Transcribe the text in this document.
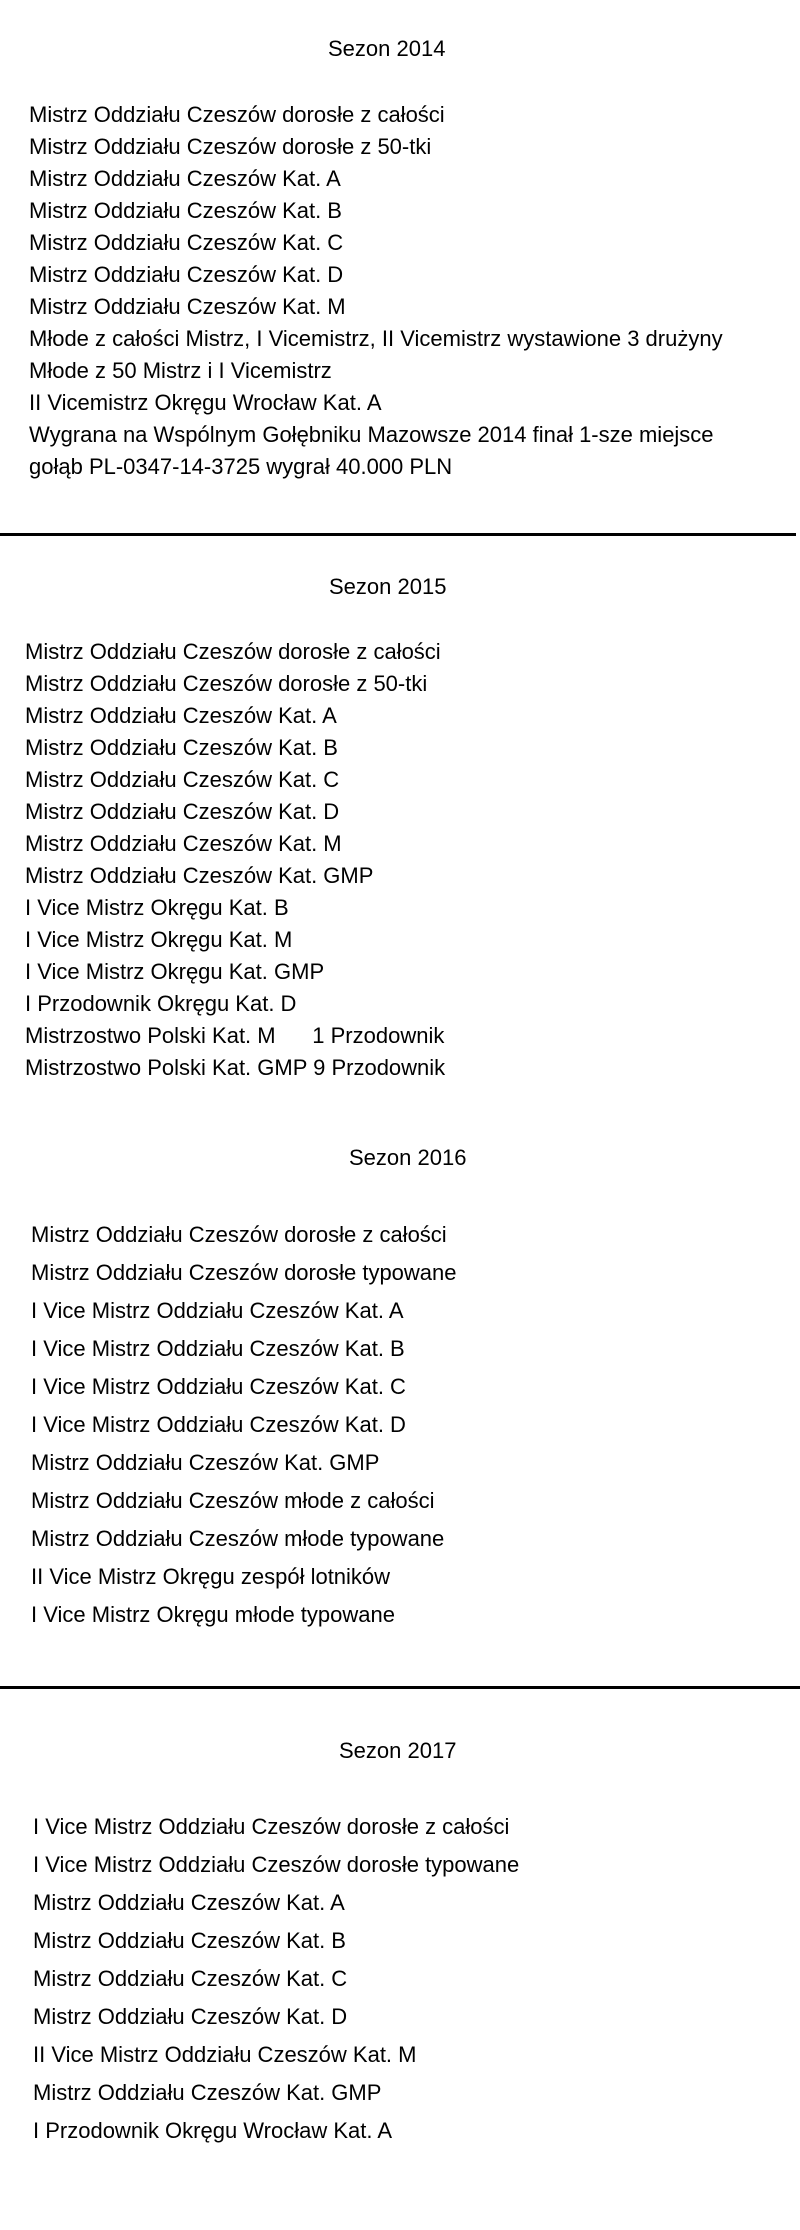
Sezon 2014
Mistrz Oddziału Czeszów dorosłe z całości
Mistrz Oddziału Czeszów dorosłe z 50-tki
Mistrz Oddziału Czeszów Kat. A
Mistrz Oddziału Czeszów Kat. B
Mistrz Oddziału Czeszów Kat. C
Mistrz Oddziału Czeszów Kat. D
Mistrz Oddziału Czeszów Kat. M
Młode z całości Mistrz, I Vicemistrz, II Vicemistrz wystawione 3 drużyny
Młode z 50 Mistrz i I Vicemistrz
II Vicemistrz Okręgu Wrocław Kat. A
Wygrana na Wspólnym Gołębniku Mazowsze 2014 finał 1-sze miejsce
gołąb PL-0347-14-3725 wygrał 40.000 PLN
Sezon 2015
Mistrz Oddziału Czeszów dorosłe z całości
Mistrz Oddziału Czeszów dorosłe z 50-tki
Mistrz Oddziału Czeszów Kat. A
Mistrz Oddziału Czeszów Kat. B
Mistrz Oddziału Czeszów Kat. C
Mistrz Oddziału Czeszów Kat. D
Mistrz Oddziału Czeszów Kat. M
Mistrz Oddziału Czeszów Kat. GMP
I Vice Mistrz Okręgu Kat. B
I Vice Mistrz Okręgu Kat. M
I Vice Mistrz Okręgu Kat. GMP
I Przodownik Okręgu Kat. D
Mistrzostwo Polski Kat. M      1 Przodownik
Mistrzostwo Polski Kat. GMP 9 Przodownik
Sezon 2016
Mistrz Oddziału Czeszów dorosłe z całości
Mistrz Oddziału Czeszów dorosłe typowane
I Vice Mistrz Oddziału Czeszów Kat. A
I Vice Mistrz Oddziału Czeszów Kat. B
I Vice Mistrz Oddziału Czeszów Kat. C
I Vice Mistrz Oddziału Czeszów Kat. D
Mistrz Oddziału Czeszów Kat. GMP
Mistrz Oddziału Czeszów młode z całości
Mistrz Oddziału Czeszów młode typowane
II Vice Mistrz Okręgu zespół lotników
I Vice Mistrz Okręgu młode typowane
Sezon 2017
I Vice Mistrz Oddziału Czeszów dorosłe z całości
I Vice Mistrz Oddziału Czeszów dorosłe typowane
Mistrz Oddziału Czeszów Kat. A
Mistrz Oddziału Czeszów Kat. B
Mistrz Oddziału Czeszów Kat. C
Mistrz Oddziału Czeszów Kat. D
II Vice Mistrz Oddziału Czeszów Kat. M
Mistrz Oddziału Czeszów Kat. GMP
I Przodownik Okręgu Wrocław Kat. A
